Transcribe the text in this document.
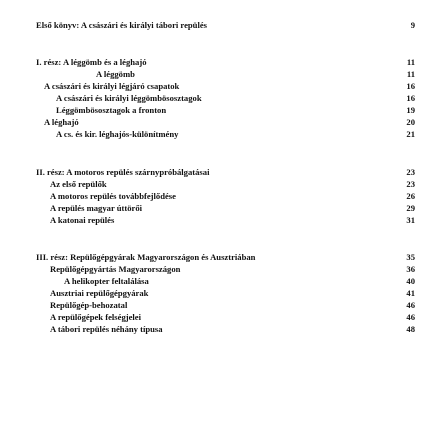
Első könyv: A császári és királyi tábori repülés	9
I. rész: A léggömb és a léghajó	11
A léggömb	11
A császári és királyi légjáró csapatok	16
A császári és királyi léggömbösosztagok	16
Léggömbösosztagok a fronton	19
A léghajó	20
A cs. és kir. léghajós-különítmény	21
II. rész: A motoros repülés szárnypróbálgatásai	23
Az első repülők	23
A motoros repülés továbbfejlődése	26
A repülés magyar úttörői	29
A katonai repülés	31
III. rész: Repülőgépgyárak Magyarországon és Ausztriában	35
Repülőgépgyártás Magyarországon	36
A helikopter feltalálása	40
Ausztriai repülőgépgyárak	41
Repülőgép-behozatal	46
A repülőgépek felségjelei	46
A tábori repülés néhány típusa	48
